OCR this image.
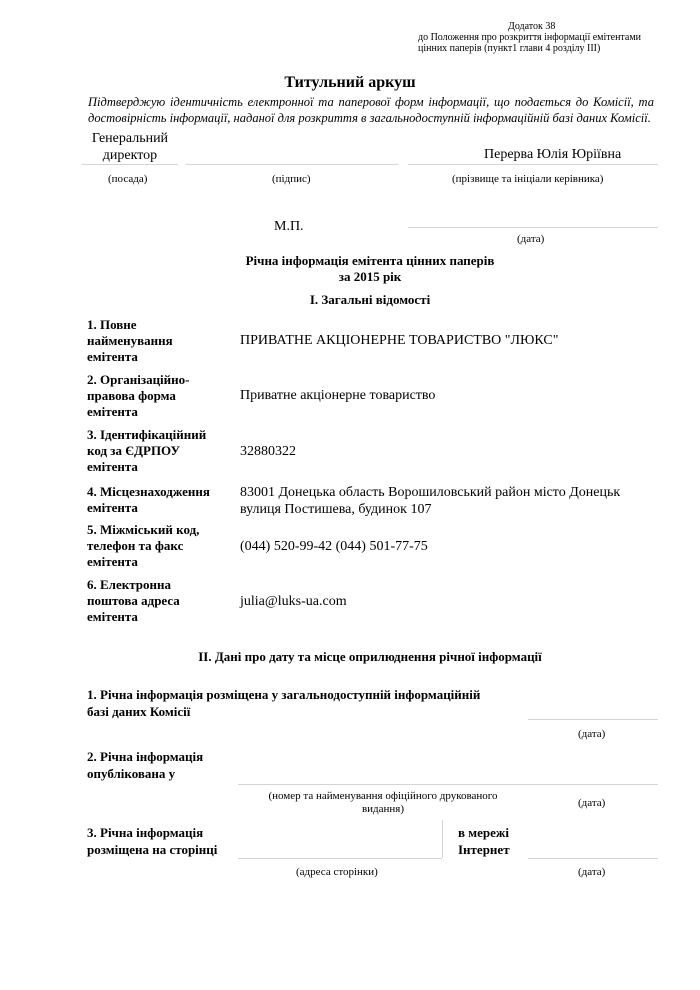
Додаток 38
до Положення про розкриття інформації емітентами
цінних паперів (пункт1 глави 4 розділу ІІІ)
Титульний аркуш
Підтверджую ідентичність електронної та паперової форм інформації, що подається до Комісії, та
достовірність інформації, наданої для розкриття в загальнодоступній інформаційній базі даних Комісії.
Генеральний
директор	Перерва Юлія Юріївна
(посада)	(підпис)	(прізвище та ініціали керівника)
М.П.
(дата)
Річна інформація емітента цінних паперів
за 2015 рік
I. Загальні відомості
1. Повне
найменування
емітента
ПРИВАТНЕ АКЦІОНЕРНЕ ТОВАРИСТВО "ЛЮКС"
2. Організаційно-
правова форма
емітента
Приватне акціонерне товариство
3. Ідентифікаційний
код за ЄДРПОУ
емітента
32880322
4. Місцезнаходження
емітента
83001 Донецька область Ворошиловський район місто Донецьк
вулиця Постишева, будинок 107
5. Міжміський код,
телефон та факс
емітента
(044) 520-99-42 (044) 501-77-75
6. Електронна
поштова адреса
емітента
julia@luks-ua.com
II. Дані про дату та місце оприлюднення річної інформації
1. Річна інформація розміщена у загальнодоступній інформаційній
базі даних Комісії
(дата)
2. Річна інформація
опублікована у
(номер та найменування офіційного друкованого
видання)	(дата)
3. Річна інформація
розміщена на сторінці
в мережі
Інтернет
(адреса сторінки)	(дата)
